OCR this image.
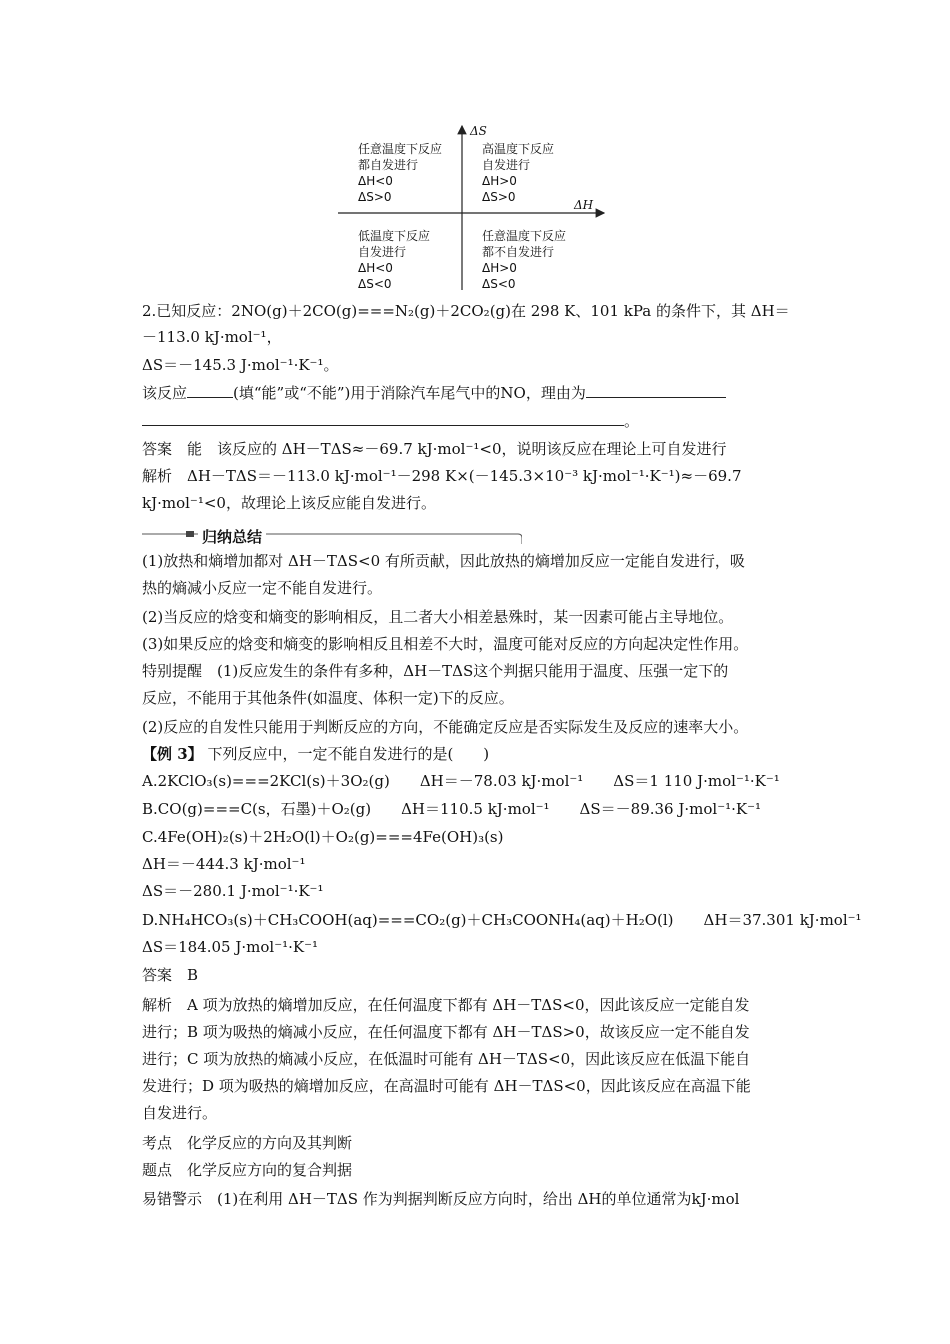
ΔS
ΔH
任意温度下反应
都自发进行
ΔH<0
ΔS>0
高温度下反应
自发进行
ΔH>0
ΔS>0
低温度下反应
自发进行
ΔH<0
ΔS<0
任意温度下反应
都不自发进行
ΔH>0
ΔS<0
2.已知反应：2NO(g)＋2CO(g)===N₂(g)＋2CO₂(g)在 298 K、101 kPa 的条件下，其 ΔH＝
－113.0 kJ·mol⁻¹，
ΔS＝－145.3 J·mol⁻¹·K⁻¹。
该反应	(填“能”或“不能”)用于消除汽车尾气中的NO，理由为
。
答案　能　该反应的 ΔH－TΔS≈－69.7 kJ·mol⁻¹<0，说明该反应在理论上可自发进行
解析　ΔH－TΔS＝－113.0 kJ·mol⁻¹－298 K×(－145.3×10⁻³ kJ·mol⁻¹·K⁻¹)≈－69.7
kJ·mol⁻¹<0，故理论上该反应能自发进行。
归纳总结
(1)放热和熵增加都对 ΔH－TΔS<0 有所贡献，因此放热的熵增加反应一定能自发进行，吸
热的熵减小反应一定不能自发进行。
(2)当反应的焓变和熵变的影响相反，且二者大小相差悬殊时，某一因素可能占主导地位。
(3)如果反应的焓变和熵变的影响相反且相差不大时，温度可能对反应的方向起决定性作用。
特别提醒　(1)反应发生的条件有多种，ΔH－TΔS这个判据只能用于温度、压强一定下的
反应，不能用于其他条件(如温度、体积一定)下的反应。
(2)反应的自发性只能用于判断反应的方向，不能确定反应是否实际发生及反应的速率大小。
【例 3】 下列反应中，一定不能自发进行的是(　　)
A.2KClO₃(s)===2KCl(s)＋3O₂(g)　　ΔH＝－78.03 kJ·mol⁻¹　　ΔS＝1 110 J·mol⁻¹·K⁻¹
B.CO(g)===C(s，石墨)＋O₂(g)　　ΔH＝110.5 kJ·mol⁻¹　　ΔS＝－89.36 J·mol⁻¹·K⁻¹
C.4Fe(OH)₂(s)＋2H₂O(l)＋O₂(g)===4Fe(OH)₃(s)
ΔH＝－444.3 kJ·mol⁻¹
ΔS＝－280.1 J·mol⁻¹·K⁻¹
D.NH₄HCO₃(s)＋CH₃COOH(aq)===CO₂(g)＋CH₃COONH₄(aq)＋H₂O(l)　　ΔH＝37.301 kJ·mol⁻¹
ΔS＝184.05 J·mol⁻¹·K⁻¹
答案　B
解析　A 项为放热的熵增加反应，在任何温度下都有 ΔH－TΔS<0，因此该反应一定能自发
进行；B 项为吸热的熵减小反应，在任何温度下都有 ΔH－TΔS>0，故该反应一定不能自发
进行；C 项为放热的熵减小反应，在低温时可能有 ΔH－TΔS<0，因此该反应在低温下能自
发进行；D 项为吸热的熵增加反应，在高温时可能有 ΔH－TΔS<0，因此该反应在高温下能
自发进行。
考点　化学反应的方向及其判断
题点　化学反应方向的复合判据
易错警示　(1)在利用 ΔH－TΔS 作为判据判断反应方向时，给出 ΔH的单位通常为kJ·mol
